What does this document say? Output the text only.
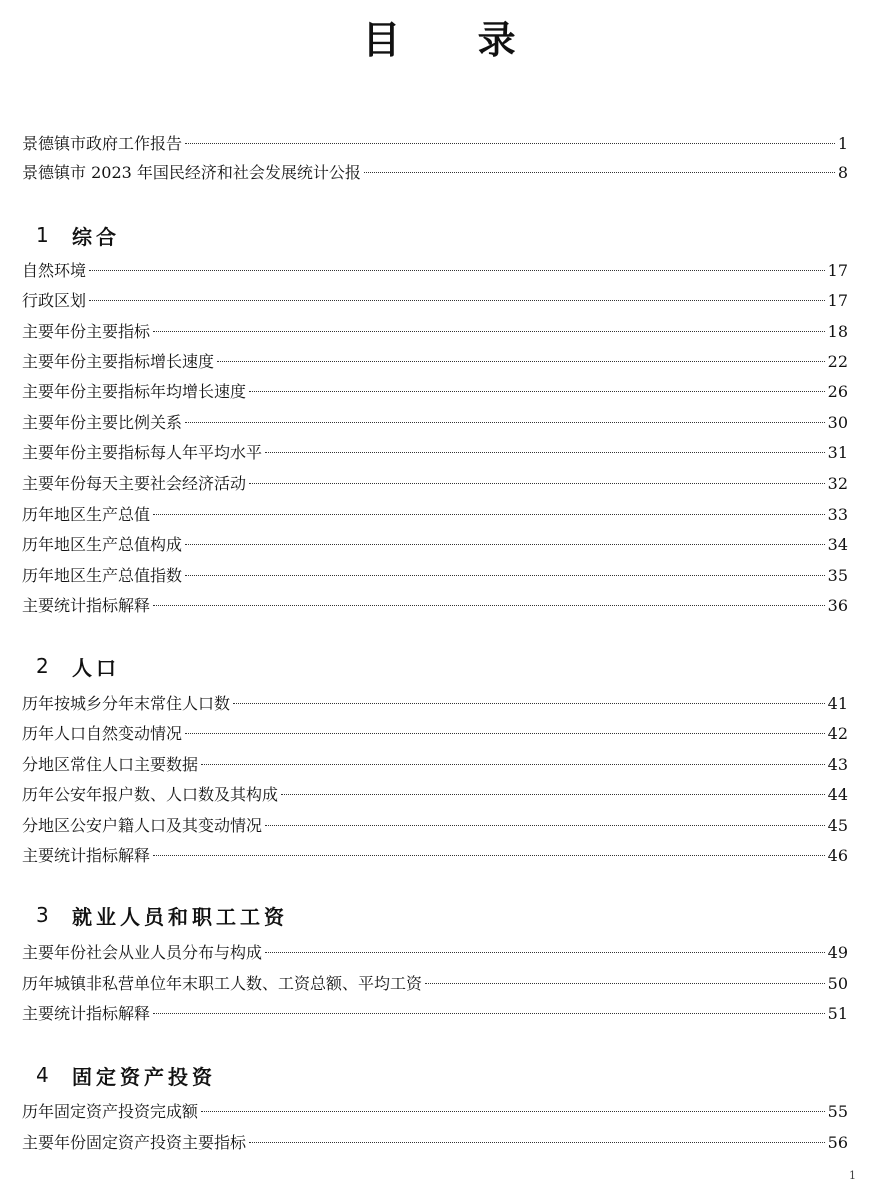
目 录
景德镇市政府工作报告	1
景德镇市 2023 年国民经济和社会发展统计公报	8
1	综合
自然环境	17
行政区划	17
主要年份主要指标	18
主要年份主要指标增长速度	22
主要年份主要指标年均增长速度	26
主要年份主要比例关系	30
主要年份主要指标每人年平均水平	31
主要年份每天主要社会经济活动	32
历年地区生产总值	33
历年地区生产总值构成	34
历年地区生产总值指数	35
主要统计指标解释	36
2	人口
历年按城乡分年末常住人口数	41
历年人口自然变动情况	42
分地区常住人口主要数据	43
历年公安年报户数、人口数及其构成	44
分地区公安户籍人口及其变动情况	45
主要统计指标解释	46
3	就业人员和职工工资
主要年份社会从业人员分布与构成	49
历年城镇非私营单位年末职工人数、工资总额、平均工资	50
主要统计指标解释	51
4	固定资产投资
历年固定资产投资完成额	55
主要年份固定资产投资主要指标	56
1
